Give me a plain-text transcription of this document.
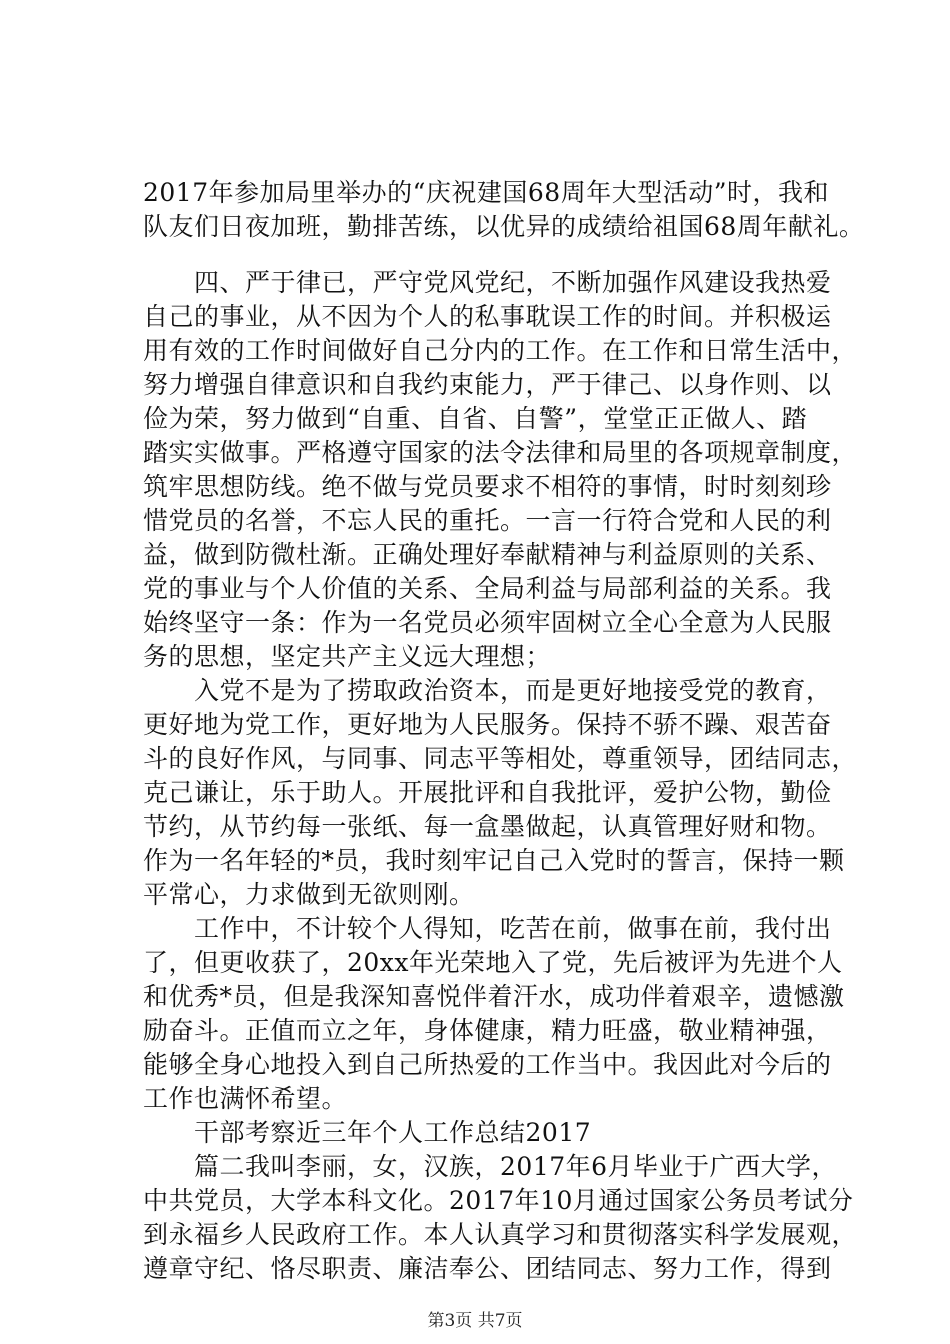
2017年参加局里举办的“庆祝建国68周年大型活动”时，我和
队友们日夜加班，勤排苦练，以优异的成绩给祖国68周年献礼。
　　四、严于律已，严守党风党纪，不断加强作风建设我热爱
自己的事业，从不因为个人的私事耽误工作的时间。并积极运
用有效的工作时间做好自己分内的工作。在工作和日常生活中，
努力增强自律意识和自我约束能力，严于律己、以身作则、以
俭为荣，努力做到“自重、自省、自警”，堂堂正正做人、踏
踏实实做事。严格遵守国家的法令法律和局里的各项规章制度，
筑牢思想防线。绝不做与党员要求不相符的事情，时时刻刻珍
惜党员的名誉，不忘人民的重托。一言一行符合党和人民的利
益，做到防微杜渐。正确处理好奉献精神与利益原则的关系、
党的事业与个人价值的关系、全局利益与局部利益的关系。我
始终坚守一条：作为一名党员必须牢固树立全心全意为人民服
务的思想，坚定共产主义远大理想；
　　入党不是为了捞取政治资本，而是更好地接受党的教育，
更好地为党工作，更好地为人民服务。保持不骄不躁、艰苦奋
斗的良好作风，与同事、同志平等相处，尊重领导，团结同志，
克己谦让，乐于助人。开展批评和自我批评，爱护公物，勤俭
节约，从节约每一张纸、每一盒墨做起，认真管理好财和物。
作为一名年轻的*员，我时刻牢记自己入党时的誓言，保持一颗
平常心，力求做到无欲则刚。
　　工作中，不计较个人得知，吃苦在前，做事在前，我付出
了，但更收获了，20xx年光荣地入了党，先后被评为先进个人
和优秀*员，但是我深知喜悦伴着汗水，成功伴着艰辛，遗憾激
励奋斗。正值而立之年，身体健康，精力旺盛，敬业精神强，
能够全身心地投入到自己所热爱的工作当中。我因此对今后的
工作也满怀希望。
　　干部考察近三年个人工作总结2017
　　篇二我叫李丽，女，汉族，2017年6月毕业于广西大学，
中共党员，大学本科文化。2017年10月通过国家公务员考试分
到永福乡人民政府工作。本人认真学习和贯彻落实科学发展观，
遵章守纪、恪尽职责、廉洁奉公、团结同志、努力工作，得到
第3页 共7页
